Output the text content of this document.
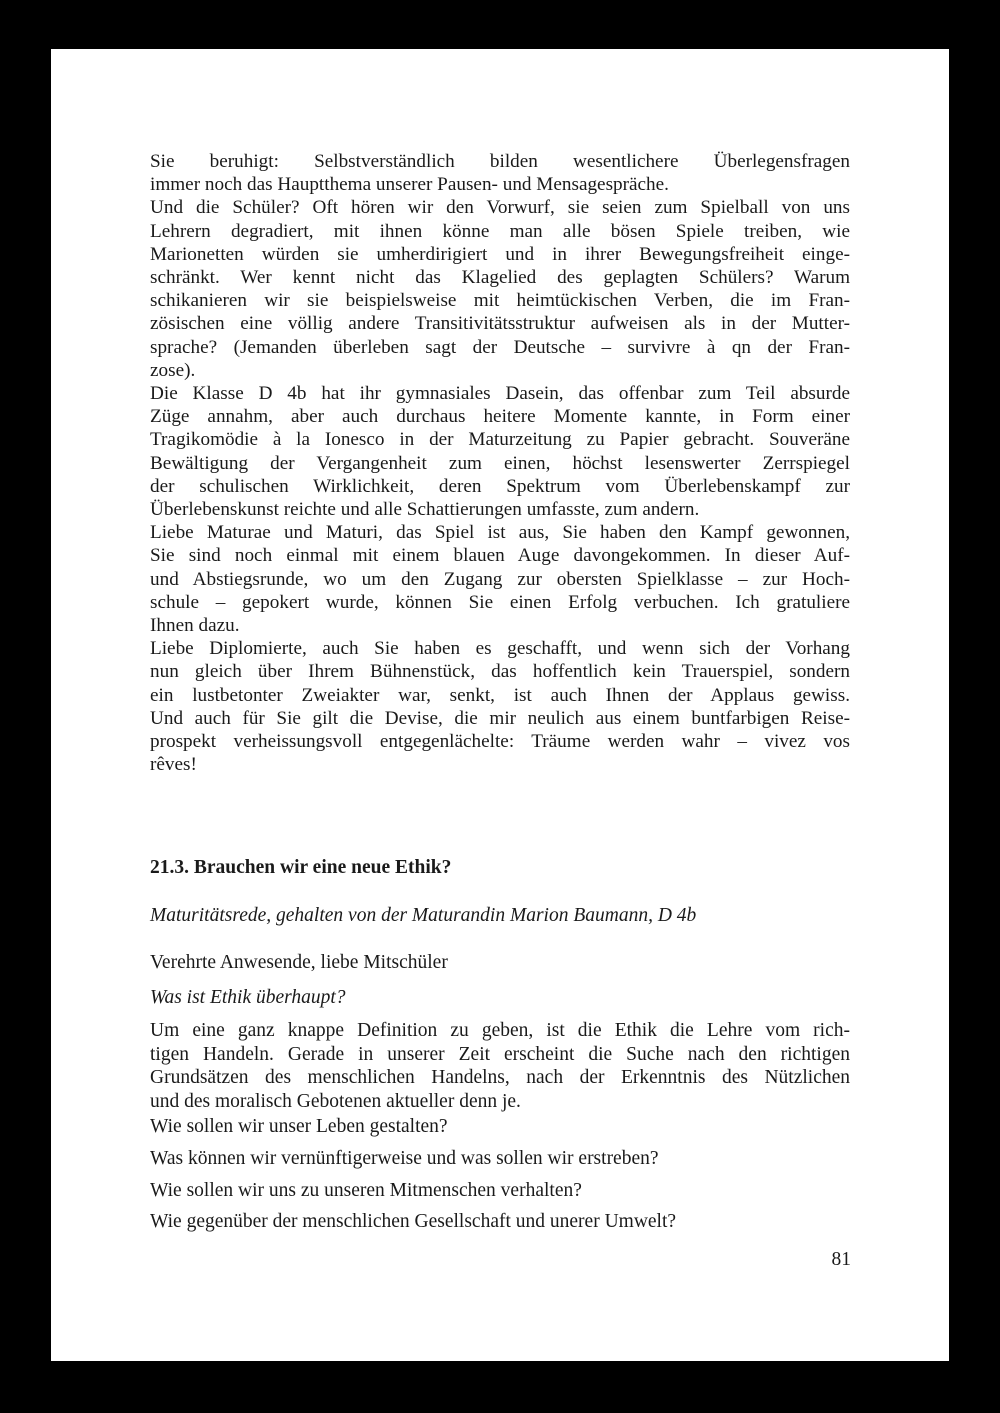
Sie beruhigt: Selbstverständlich bilden wesentlichere Überlegensfragen
immer noch das Hauptthema unserer Pausen- und Mensagespräche.

Und die Schüler? Oft hören wir den Vorwurf, sie seien zum Spielball von uns
Lehrern degradiert, mit ihnen könne man alle bösen Spiele treiben, wie
Marionetten würden sie umherdirigiert und in ihrer Bewegungsfreiheit einge-
schränkt. Wer kennt nicht das Klagelied des geplagten Schülers? Warum
schikanieren wir sie beispielsweise mit heimtückischen Verben, die im Fran-
zösischen eine völlig andere Transitivitätsstruktur aufweisen als in der Mutter-
sprache? (Jemanden überleben sagt der Deutsche – survivre à qn der Fran-
zose).

Die Klasse D 4b hat ihr gymnasiales Dasein, das offenbar zum Teil absurde
Züge annahm, aber auch durchaus heitere Momente kannte, in Form einer
Tragikomödie à la Ionesco in der Maturzeitung zu Papier gebracht. Souveräne
Bewältigung der Vergangenheit zum einen, höchst lesenswerter Zerrspiegel
der schulischen Wirklichkeit, deren Spektrum vom Überlebenskampf zur
Überlebenskunst reichte und alle Schattierungen umfasste, zum andern.

Liebe Maturae und Maturi, das Spiel ist aus, Sie haben den Kampf gewonnen,
Sie sind noch einmal mit einem blauen Auge davongekommen. In dieser Auf-
und Abstiegsrunde, wo um den Zugang zur obersten Spielklasse – zur Hoch-
schule – gepokert wurde, können Sie einen Erfolg verbuchen. Ich gratuliere
Ihnen dazu.

Liebe Diplomierte, auch Sie haben es geschafft, und wenn sich der Vorhang
nun gleich über Ihrem Bühnenstück, das hoffentlich kein Trauerspiel, sondern
ein lustbetonter Zweiakter war, senkt, ist auch Ihnen der Applaus gewiss.
Und auch für Sie gilt die Devise, die mir neulich aus einem buntfarbigen Reise-
prospekt verheissungsvoll entgegenlächelte: Träume werden wahr – vivez vos
rêves!

21.3. Brauchen wir eine neue Ethik?

Maturitätsrede, gehalten von der Maturandin Marion Baumann, D 4b

Verehrte Anwesende, liebe Mitschüler

Was ist Ethik überhaupt?

Um eine ganz knappe Definition zu geben, ist die Ethik die Lehre vom rich-
tigen Handeln. Gerade in unserer Zeit erscheint die Suche nach den richtigen
Grundsätzen des menschlichen Handelns, nach der Erkenntnis des Nützlichen
und des moralisch Gebotenen aktueller denn je.

Wie sollen wir unser Leben gestalten?

Was können wir vernünftigerweise und was sollen wir erstreben?

Wie sollen wir uns zu unseren Mitmenschen verhalten?

Wie gegenüber der menschlichen Gesellschaft und unerer Umwelt?

81
